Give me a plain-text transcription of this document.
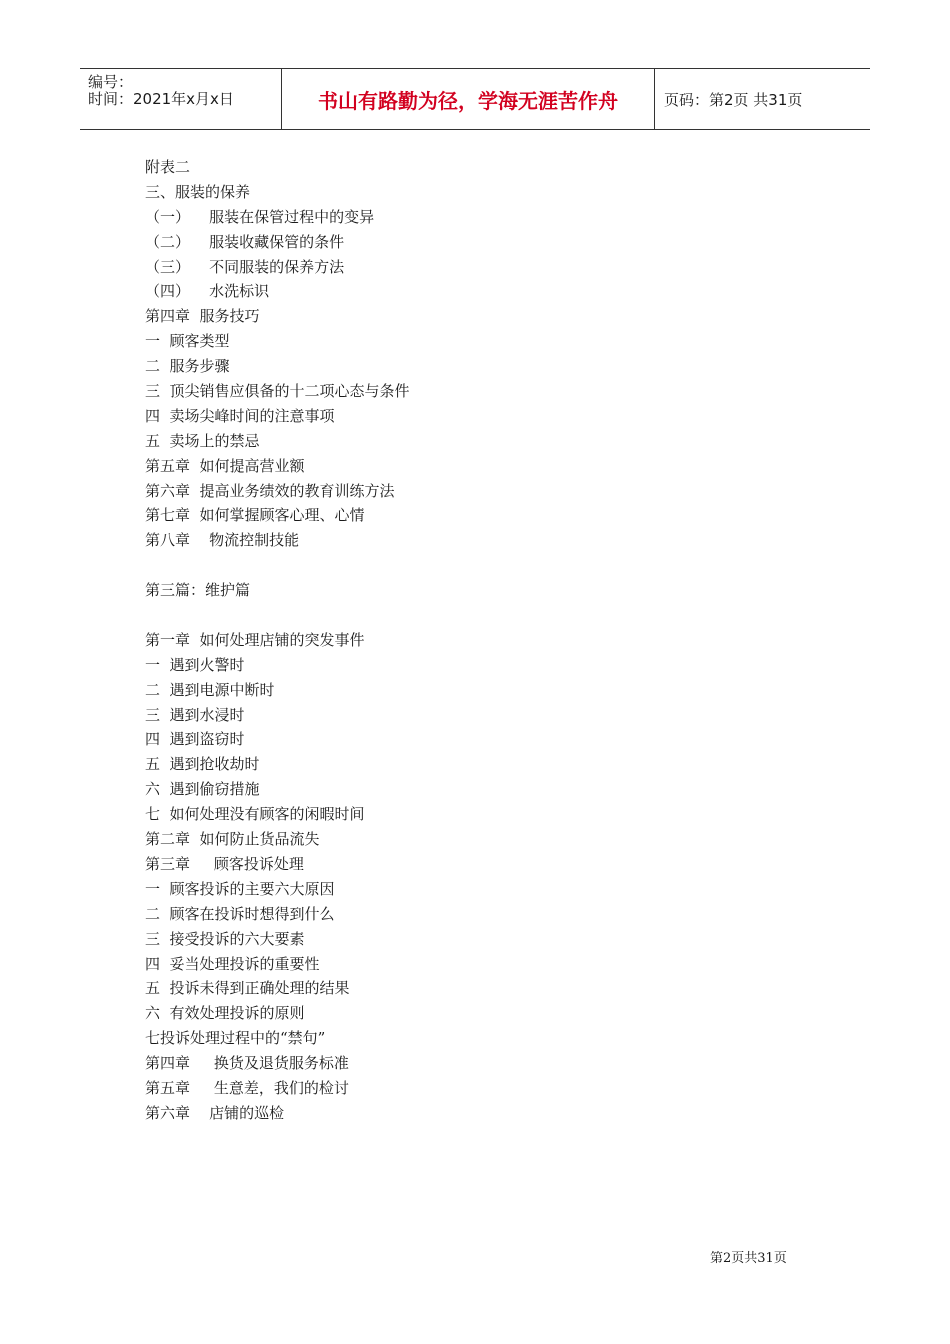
编号：
时间：2021年x月x日	书山有路勤为径，学海无涯苦作舟	页码：第2页 共31页
附表二
三、服装的保养
（一）    服装在保管过程中的变异
（二）    服装收藏保管的条件
（三）    不同服装的保养方法
（四）    水洗标识
第四章  服务技巧
一  顾客类型
二  服务步骤
三  顶尖销售应俱备的十二项心态与条件
四  卖场尖峰时间的注意事项
五  卖场上的禁忌
第五章  如何提高营业额
第六章  提高业务绩效的教育训练方法
第七章  如何掌握顾客心理、心情
第八章    物流控制技能
第三篇：维护篇
第一章  如何处理店铺的突发事件
一  遇到火警时
二  遇到电源中断时
三  遇到水浸时
四  遇到盗窃时
五  遇到抢收劫时
六  遇到偷窃措施
七  如何处理没有顾客的闲暇时间
第二章  如何防止货品流失
第三章     顾客投诉处理
一  顾客投诉的主要六大原因
二  顾客在投诉时想得到什么
三  接受投诉的六大要素
四  妥当处理投诉的重要性
五  投诉未得到正确处理的结果
六  有效处理投诉的原则
七投诉处理过程中的“禁句”
第四章     换货及退货服务标准
第五章     生意差，我们的检讨
第六章    店铺的巡检
第2页共31页
